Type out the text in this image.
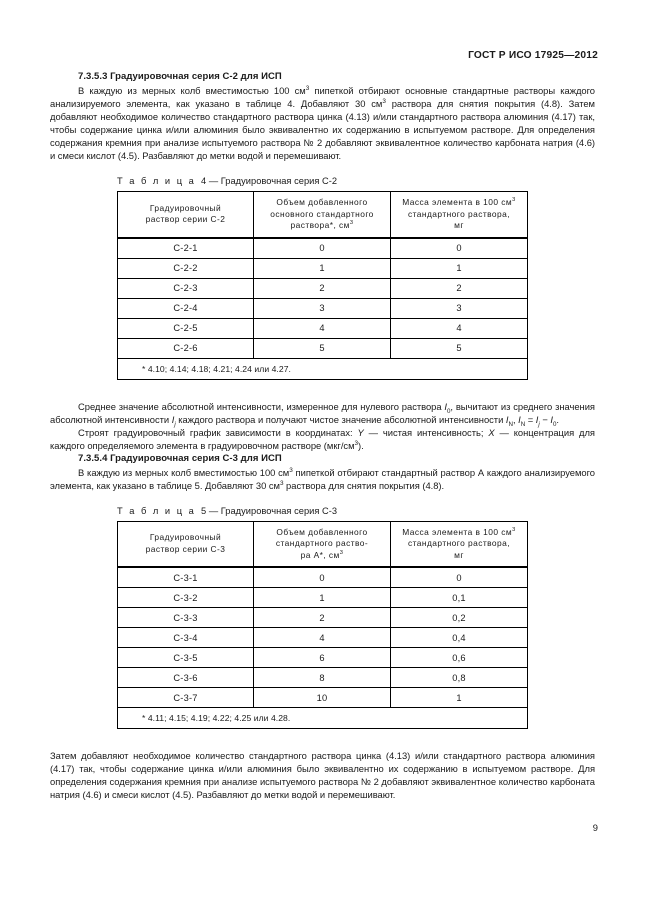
ГОСТ Р ИСО 17925—2012
7.3.5.3 Градуировочная серия С-2 для ИСП

В каждую из мерных колб вместимостью 100 $см^3$ пипеткой отбирают основные стандартные растворы каждого анализируемого элемента, как указано в таблице 4. Добавляют 30 $см^3$ раствора для снятия покрытия (4.8). Затем добавляют необходимое количество стандартного раствора цинка (4.13) и/или стандартного раствора алюминия (4.17) так, чтобы содержание цинка и/или алюминия было эквивалентно их содержанию в испытуемом растворе. Для определения содержания кремния при анализе испытуемого раствора № 2 добавляют эквивалентное количество карбоната натрия (4.6) и смеси кислот (4.5). Разбавляют до метки водой и перемешивают.

Т а б л и ц а 4 — Градуировочная серия С-2
Градуировочный
раствор серии С-2	Объем добавленного
основного стандартного
раствора*, $см^3$	Масса элемента в 100 $см^3$
стандартного раствора,
мг
С-2-1	0	0
С-2-2	1	1
С-2-3	2	2
С-2-4	3	3
С-2-5	4	4
С-2-6	5	5
* 4.10; 4.14; 4.18; 4.21; 4.24 или 4.27.		

Среднее значение абсолютной интенсивности, измеренное для нулевого раствора $I_0$, вычитают из среднего значения абсолютной интенсивности $I_j$ каждого раствора и получают чистое значение абсолютной интенсивности $I_N$, $I_N = I_j - I_0$.

Строят градуировочный график зависимости в координатах: Y — чистая интенсивность; X — концентрация для каждого определяемого элемента в градуировочном растворе $(мкг/см^3)$.

7.3.5.4 Градуировочная серия С-3 для ИСП

В каждую из мерных колб вместимостью 100 $см^3$ пипеткой отбирают стандартный раствор А каждого анализируемого элемента, как указано в таблице 5. Добавляют 30 $см^3$ раствора для снятия покрытия (4.8).

Т а б л и ц а 5 — Градуировочная серия С-3
Градуировочный
раствор серии С-3	Объем добавленного
стандартного раство-
ра А*, $см^3$	Масса элемента в 100 $см^3$
стандартного раствора,
мг
С-3-1	0	0
С-3-2	1	0,1
С-3-3	2	0,2
С-3-4	4	0,4
С-3-5	6	0,6
С-3-6	8	0,8
С-3-7	10	1
* 4.11; 4.15; 4.19; 4.22; 4.25 или 4.28.		

Затем добавляют необходимое количество стандартного раствора цинка (4.13) и/или стандартного раствора алюминия (4.17) так, чтобы содержание цинка и/или алюминия было эквивалентно их содержанию в испытуемом растворе. Для определения содержания кремния при анализе испытуемого раствора № 2 добавляют эквивалентное количество карбоната натрия (4.6) и смеси кислот (4.5). Разбавляют до метки водой и перемешивают.

9
